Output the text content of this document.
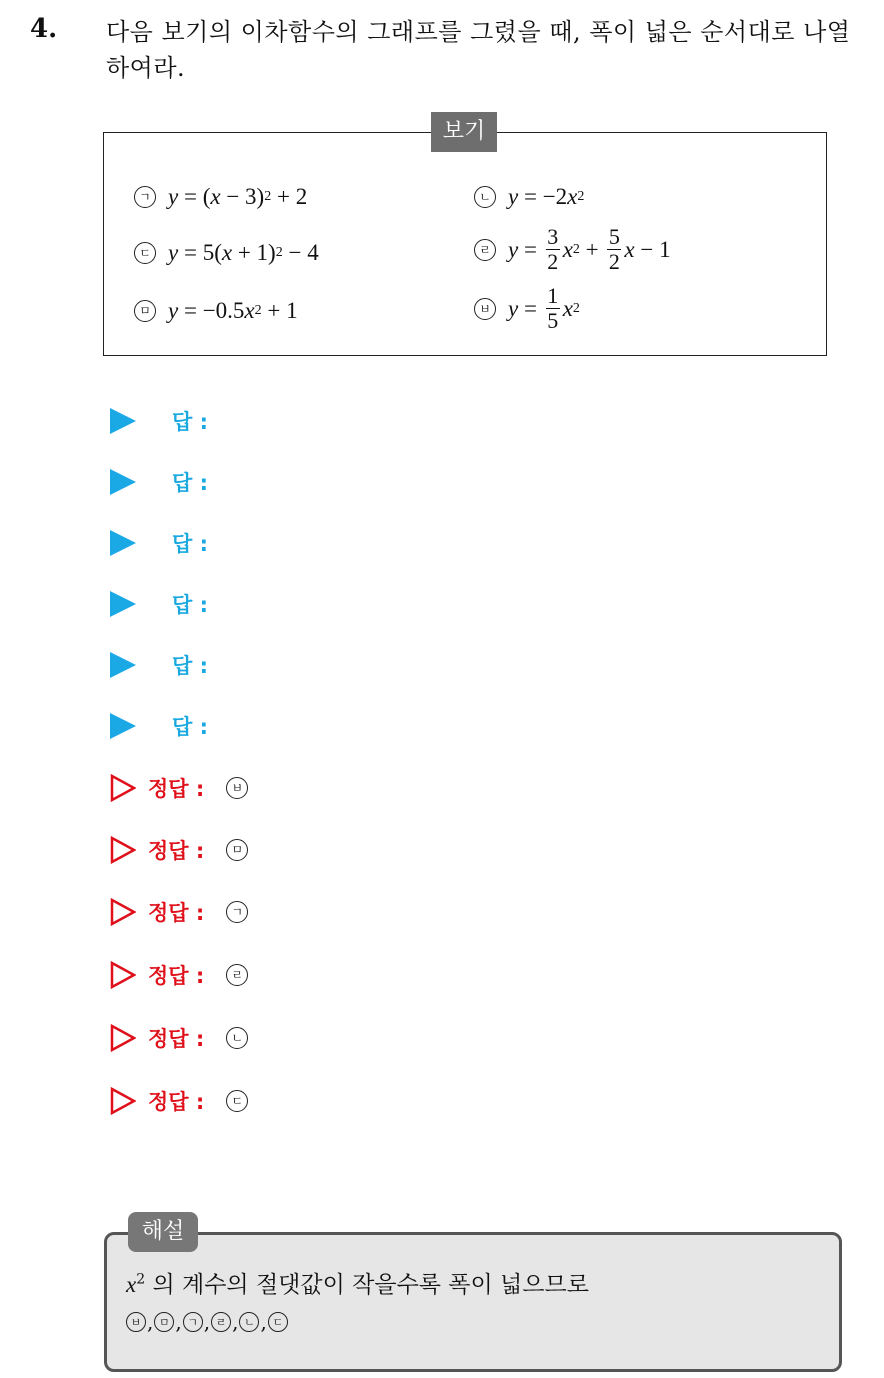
4. 다음 보기의 이차함수의 그래프를 그렸을 때, 폭이 넓은 순서대로 나열하여라.
보기
ㄱ y = ( x − 3) 2 + 2	ㄴ y = −2 x 2
ㄷ y = 5( x + 1) 2 − 4	ㄹ $y = \frac{3}{2}$ x $2 + \frac{5}{2}$ x − 1
ㅁ y = −0.5 x 2 + 1	ㅂ $y = \frac{1}{5}$ x 2
답 :
답 :
답 :
답 :
답 :
답 :
정답 :	ㅂ
정답 :	ㅁ
정답 :	ㄱ
정답 :	ㄹ
정답 :	ㄴ
정답 :	ㄷ
해설
$x^2$ 의 계수의 절댓값이 작을수록 폭이 넓으므로
ㅂ , ㅁ , ㄱ , ㄹ , ㄴ , ㄷ
